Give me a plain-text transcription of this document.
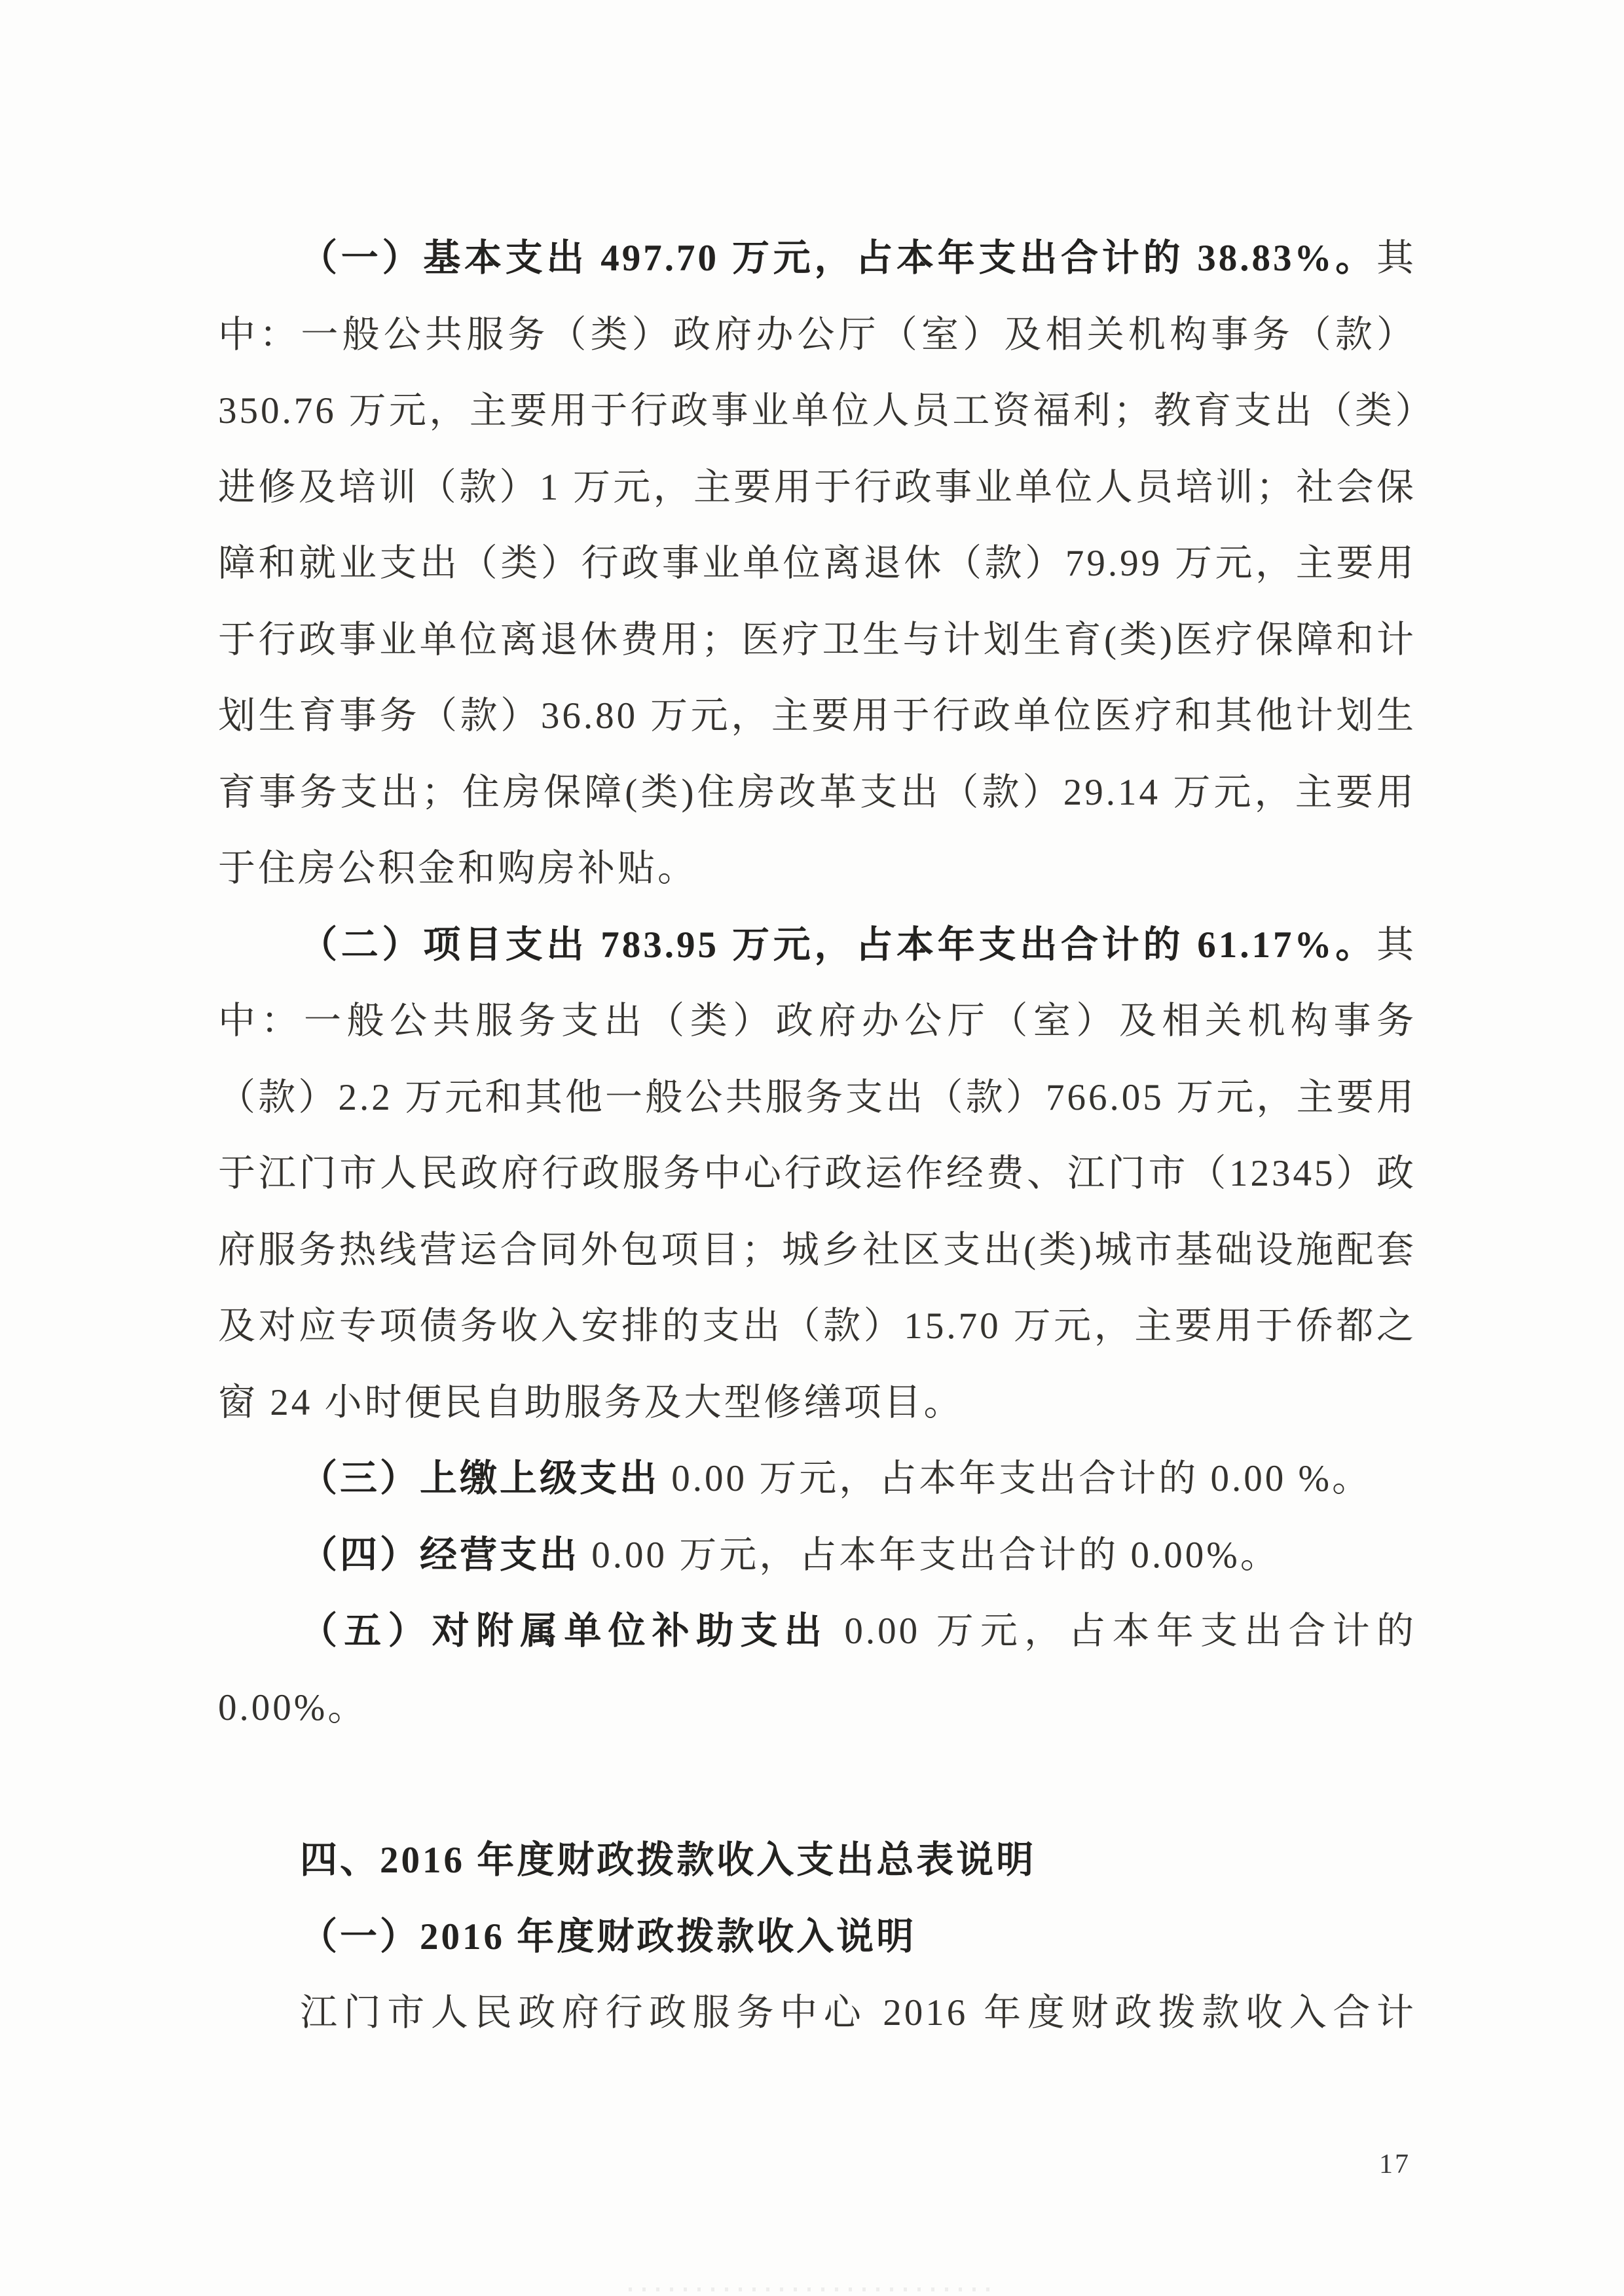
（一）基本支出 497.70 万元，占本年支出合计的 38.83%。其中：一般公共服务（类）政府办公厅（室）及相关机构事务（款）350.76 万元，主要用于行政事业单位人员工资福利；教育支出（类）进修及培训（款）1 万元，主要用于行政事业单位人员培训；社会保障和就业支出（类）行政事业单位离退休（款）79.99 万元，主要用于行政事业单位离退休费用；医疗卫生与计划生育(类)医疗保障和计划生育事务（款）36.80 万元，主要用于行政单位医疗和其他计划生育事务支出；住房保障(类)住房改革支出（款）29.14 万元，主要用于住房公积金和购房补贴。

（二）项目支出 783.95 万元，占本年支出合计的 61.17%。其中：一般公共服务支出（类）政府办公厅（室）及相关机构事务（款）2.2 万元和其他一般公共服务支出（款）766.05 万元，主要用于江门市人民政府行政服务中心行政运作经费、江门市（12345）政府服务热线营运合同外包项目；城乡社区支出(类)城市基础设施配套及对应专项债务收入安排的支出（款）15.70 万元，主要用于侨都之窗 24 小时便民自助服务及大型修缮项目。

（三）上缴上级支出 0.00 万元，占本年支出合计的 0.00 %。

（四）经营支出 0.00 万元，占本年支出合计的 0.00%。

（五）对附属单位补助支出 0.00 万元，占本年支出合计的

0.00%。

四、2016 年度财政拨款收入支出总表说明

（一）2016 年度财政拨款收入说明

江门市人民政府行政服务中心 2016 年度财政拨款收入合计

17
